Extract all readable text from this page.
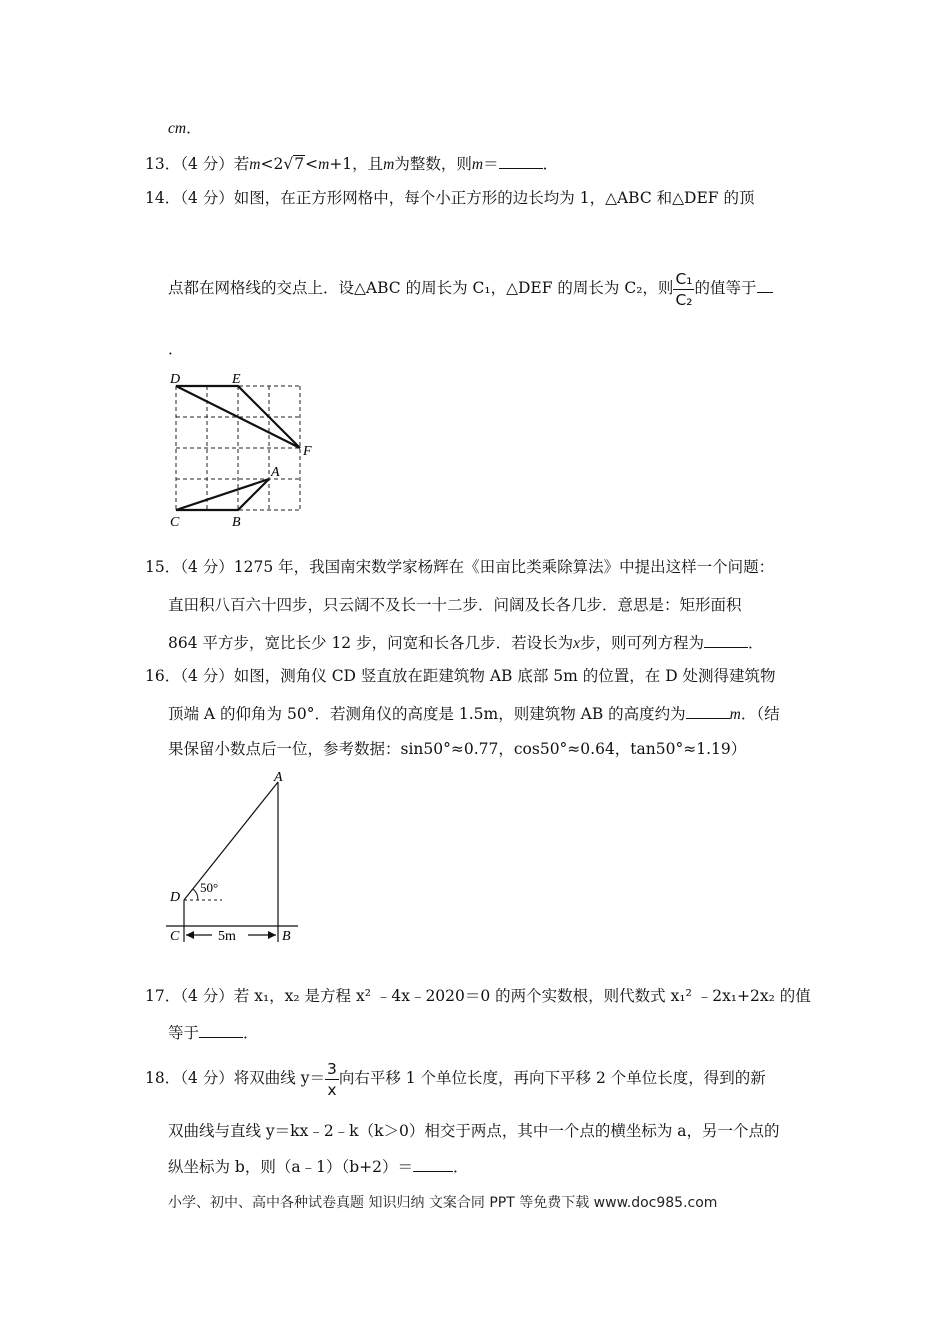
cm．
13．（4 分）若m<2√7<m+1，且m为整数，则m＝	．
14．（4 分）如图，在正方形网格中，每个小正方形的边长均为 1，△ABC 和△DEF 的顶
点都在网格线的交点上．设△ABC 的周长为 C₁，△DEF 的周长为 C₂，则 $\frac{\text{C₁}}{\text{C₂}}$ 的值等于
．
D	E
F
A
C	B
15．（4 分）1275 年，我国南宋数学家杨辉在《田亩比类乘除算法》中提出这样一个问题：
直田积八百六十四步，只云阔不及长一十二步．问阔及长各几步．意思是：矩形面积
864 平方步，宽比长少 12 步，问宽和长各几步．若设长为x步，则可列方程为	．
16．（4 分）如图，测角仪 CD 竖直放在距建筑物 AB 底部 5m 的位置，在 D 处测得建筑物
顶端 A 的仰角为 50°．若测角仪的高度是 1.5m，则建筑物 AB 的高度约为	m．（结
果保留小数点后一位，参考数据：sin50°≈0.77，cos50°≈0.64，tan50°≈1.19）
A
D
50°
C	B
5m
17．（4 分）若 x₁，x₂ 是方程 x² ﹣4x﹣2020＝0 的两个实数根，则代数式 x₁² ﹣2x₁+2x₂ 的值
等于	．
18．（4 分）将双曲线 $y= \frac{3}{x}$ 向右平移 1 个单位长度，再向下平移 2 个单位长度，得到的新
双曲线与直线 y＝kx﹣2﹣k（k＞0）相交于两点，其中一个点的横坐标为 a，另一个点的
纵坐标为 b，则（a﹣1）（b+2）＝	．
小学、初中、高中各种试卷真题 知识归纳 文案合同 PPT 等免费下载 www.doc985.com
